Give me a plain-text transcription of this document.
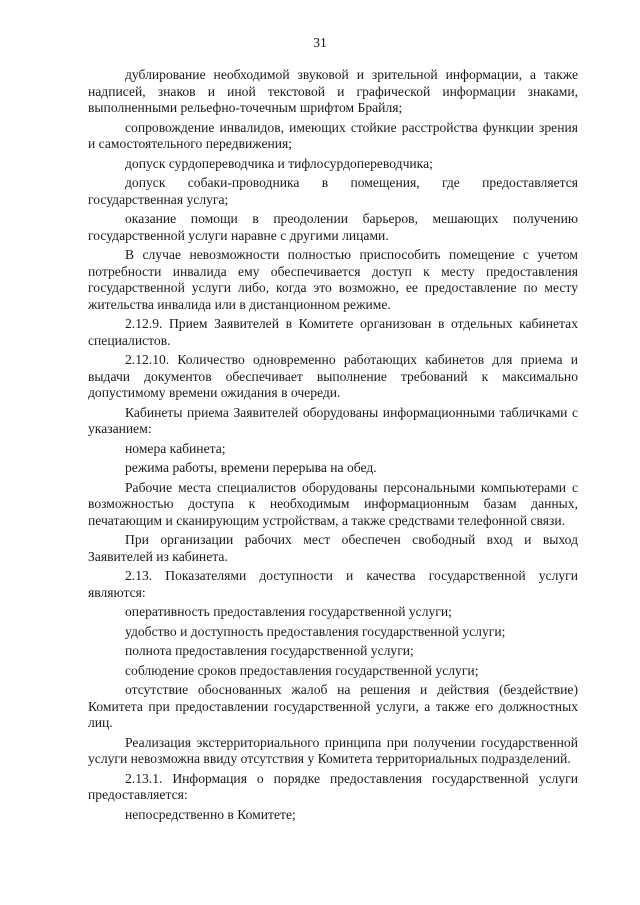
31

дублирование необходимой звуковой и зрительной информации, а также надписей, знаков и иной текстовой и графической информации знаками, выполненными рельефно-точечным шрифтом Брайля;

сопровождение инвалидов, имеющих стойкие расстройства функции зрения и самостоятельного передвижения;

допуск сурдопереводчика и тифлосурдопереводчика;

допуск собаки-проводника в помещения, где предоставляется государственная услуга;

оказание помощи в преодолении барьеров, мешающих получению государственной услуги наравне с другими лицами.

В случае невозможности полностью приспособить помещение с учетом потребности инвалида ему обеспечивается доступ к месту предоставления государственной услуги либо, когда это возможно, ее предоставление по месту жительства инвалида или в дистанционном режиме.

2.12.9. Прием Заявителей в Комитете организован в отдельных кабинетах специалистов.

2.12.10. Количество одновременно работающих кабинетов для приема и выдачи документов обеспечивает выполнение требований к максимально допустимому времени ожидания в очереди.

Кабинеты приема Заявителей оборудованы информационными табличками с указанием:

номера кабинета;

режима работы, времени перерыва на обед.

Рабочие места специалистов оборудованы персональными компьютерами с возможностью доступа к необходимым информационным базам данных, печатающим и сканирующим устройствам, а также средствами телефонной связи.

При организации рабочих мест обеспечен свободный вход и выход Заявителей из кабинета.

2.13. Показателями доступности и качества государственной услуги являются:

оперативность предоставления государственной услуги;

удобство и доступность предоставления государственной услуги;

полнота предоставления государственной услуги;

соблюдение сроков предоставления государственной услуги;

отсутствие обоснованных жалоб на решения и действия (бездействие) Комитета при предоставлении государственной услуги, а также его должностных лиц.

Реализация экстерриториального принципа при получении государственной услуги невозможна ввиду отсутствия у Комитета территориальных подразделений.

2.13.1. Информация о порядке предоставления государственной услуги предоставляется:

непосредственно в Комитете;
